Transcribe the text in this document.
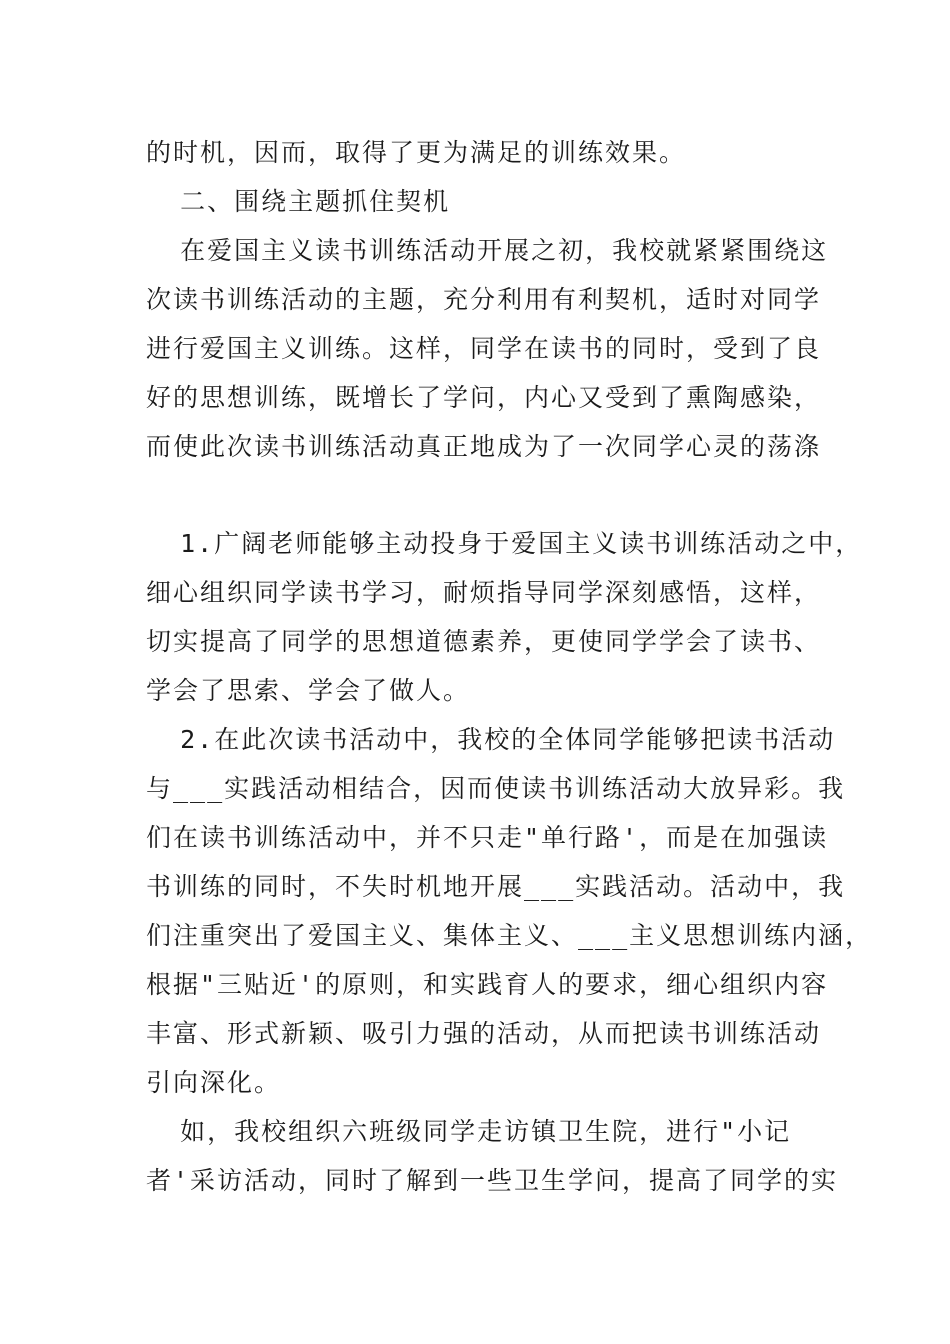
的时机，因而，取得了更为满足的训练效果。
二、围绕主题抓住契机
在爱国主义读书训练活动开展之初，我校就紧紧围绕这
次读书训练活动的主题，充分利用有利契机，适时对同学
进行爱国主义训练。这样，同学在读书的同时，受到了良
好的思想训练，既增长了学问，内心又受到了熏陶感染，
而使此次读书训练活动真正地成为了一次同学心灵的荡涤
1.广阔老师能够主动投身于爱国主义读书训练活动之中，
细心组织同学读书学习，耐烦指导同学深刻感悟，这样，
切实提高了同学的思想道德素养，更使同学学会了读书、
学会了思索、学会了做人。
2.在此次读书活动中，我校的全体同学能够把读书活动
与___实践活动相结合，因而使读书训练活动大放异彩。我
们在读书训练活动中，并不只走"单行路'，而是在加强读
书训练的同时，不失时机地开展___实践活动。活动中，我
们注重突出了爱国主义、集体主义、___主义思想训练内涵，
根据"三贴近'的原则，和实践育人的要求，细心组织内容
丰富、形式新颖、吸引力强的活动，从而把读书训练活动
引向深化。
如，我校组织六班级同学走访镇卫生院，进行"小记
者'采访活动，同时了解到一些卫生学问，提高了同学的实
